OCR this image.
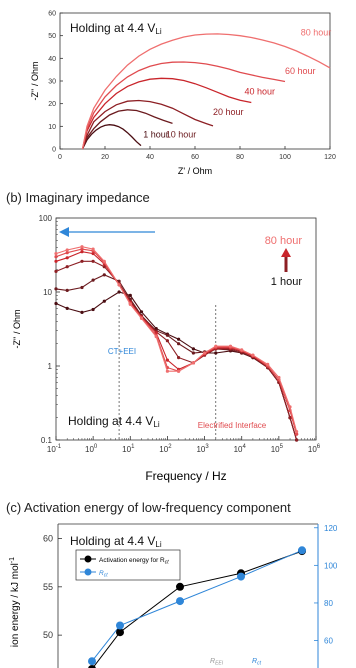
0	20	40	60	80	100	120
0
10
20
30
40
50
60
1 hour
10 hour
20 hour
40 hour
60 hour
80 hour
Holding at 4.4 VLi
Z' / Ohm
-Z'' / Ohm
(b) Imaginary impedance
$10^{-1}$	$10^0$	$10^1$	$10^2$	$10^3$	$10^4$	$10^5$	$10^6$
0.1
1
10
100
80 hour
1 hour
Holding at 4.4 VLi
CT+EEI
Electrified Interface
Frequency / Hz
-Z'' / Ohm
(c) Activation energy of low-frequency component
50
55
60
60
80
100
120
Holding at 4.4 VLi
Activation energy for $R_{ct}$
$R_{ct}$
$R_{EEI}$	$R_{ct}$
ion energy / kJ mol$^{-1}$
